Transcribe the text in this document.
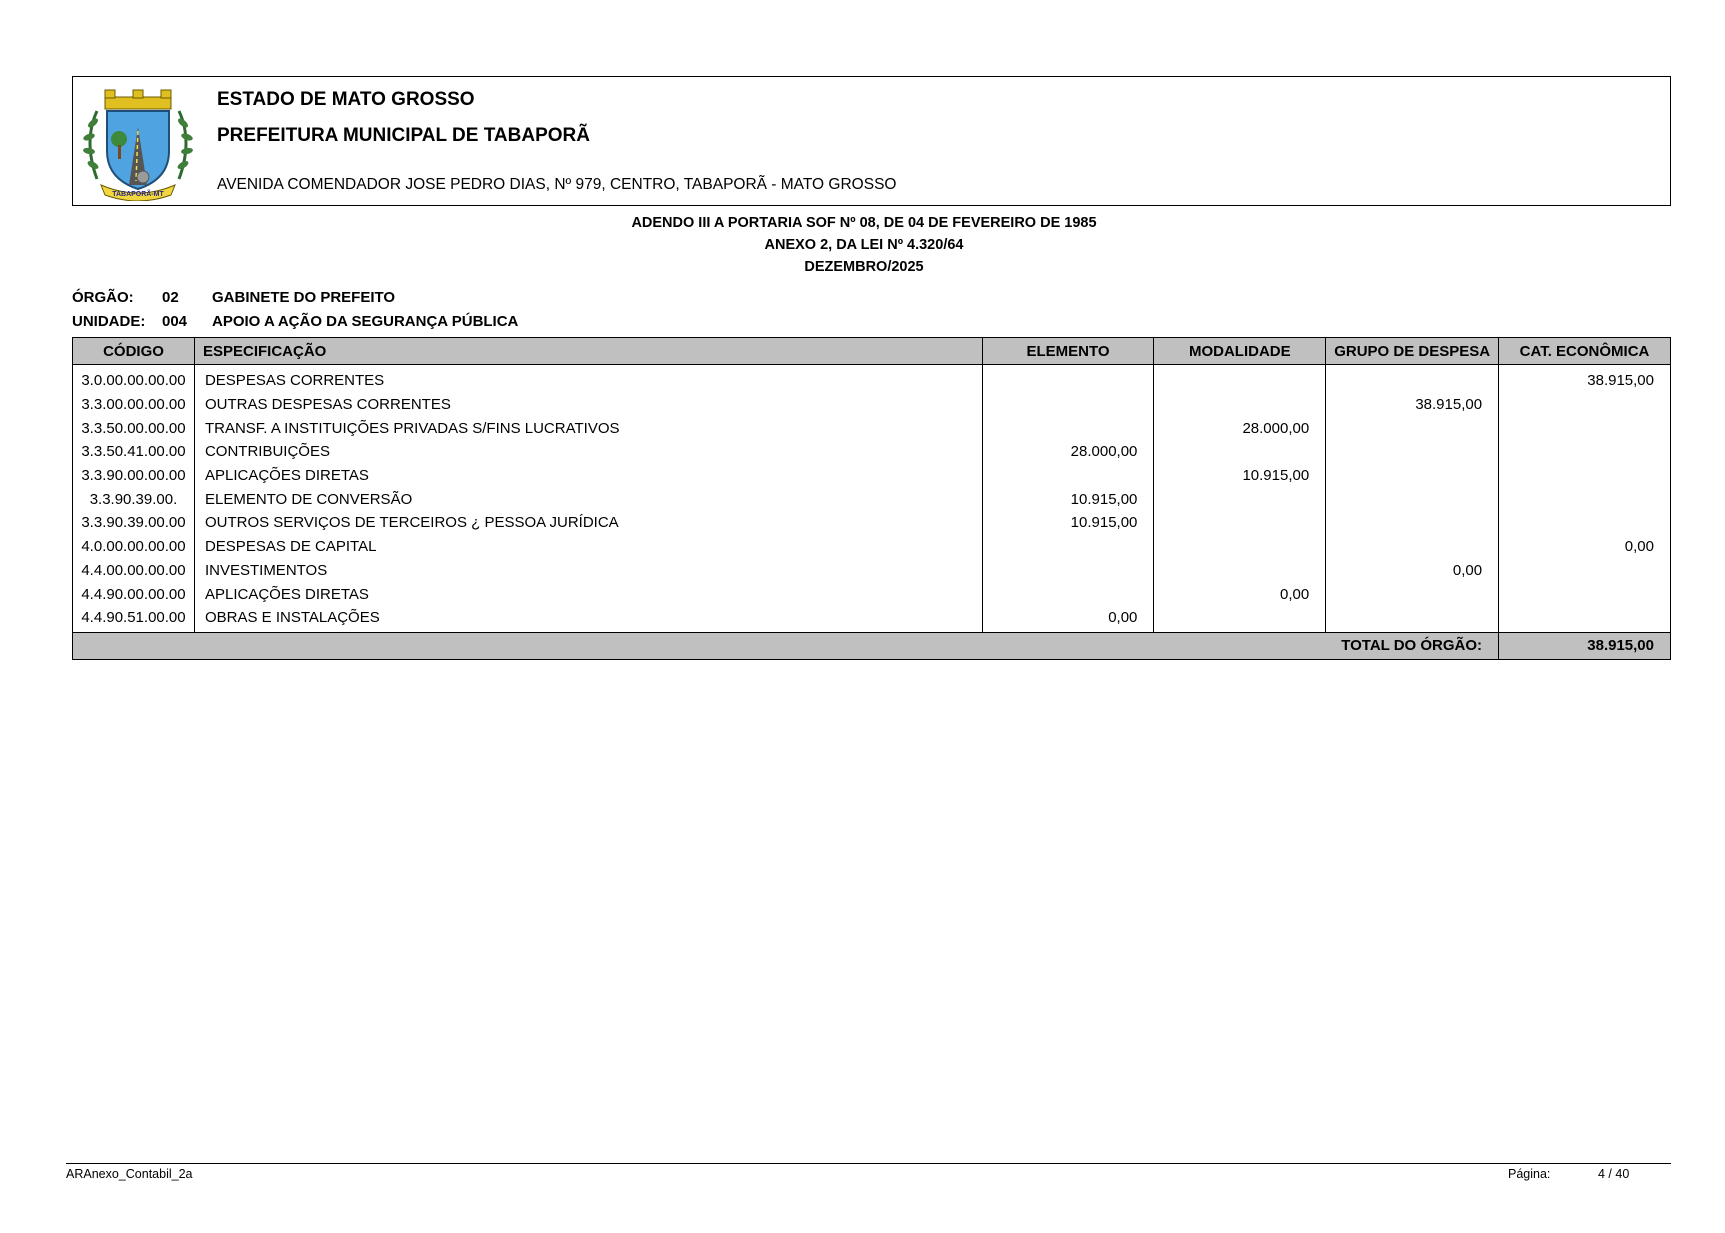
TABAPORÃ-MT
ESTADO DE MATO GROSSO
PREFEITURA MUNICIPAL DE TABAPORÃ
AVENIDA COMENDADOR JOSE PEDRO DIAS, Nº 979, CENTRO, TABAPORÃ - MATO GROSSO
ADENDO III A PORTARIA SOF Nº 08, DE 04 DE FEVEREIRO DE 1985
ANEXO 2, DA LEI Nº 4.320/64
DEZEMBRO/2025
ÓRGÃO: 02 GABINETE DO PREFEITO
UNIDADE: 004 APOIO A AÇÃO DA SEGURANÇA PÚBLICA
CÓDIGO	ESPECIFICAÇÃO	ELEMENTO	MODALIDADE	GRUPO DE DESPESA	CAT. ECONÔMICA
3.0.00.00.00.00	DESPESAS CORRENTES				38.915,00
3.3.00.00.00.00	OUTRAS DESPESAS CORRENTES			38.915,00	
3.3.50.00.00.00	TRANSF. A INSTITUIÇÕES PRIVADAS S/FINS LUCRATIVOS		28.000,00		
3.3.50.41.00.00	CONTRIBUIÇÕES	28.000,00			
3.3.90.00.00.00	APLICAÇÕES DIRETAS		10.915,00		
3.3.90.39.00.	ELEMENTO DE CONVERSÃO	10.915,00			
3.3.90.39.00.00	OUTROS SERVIÇOS DE TERCEIROS ¿ PESSOA JURÍDICA	10.915,00			
4.0.00.00.00.00	DESPESAS DE CAPITAL				0,00
4.4.00.00.00.00	INVESTIMENTOS			0,00	
4.4.90.00.00.00	APLICAÇÕES DIRETAS		0,00		
4.4.90.51.00.00	OBRAS E INSTALAÇÕES	0,00			
TOTAL DO ÓRGÃO:					38.915,00
ARAnexo_Contabil_2a	Página:	4 / 40
